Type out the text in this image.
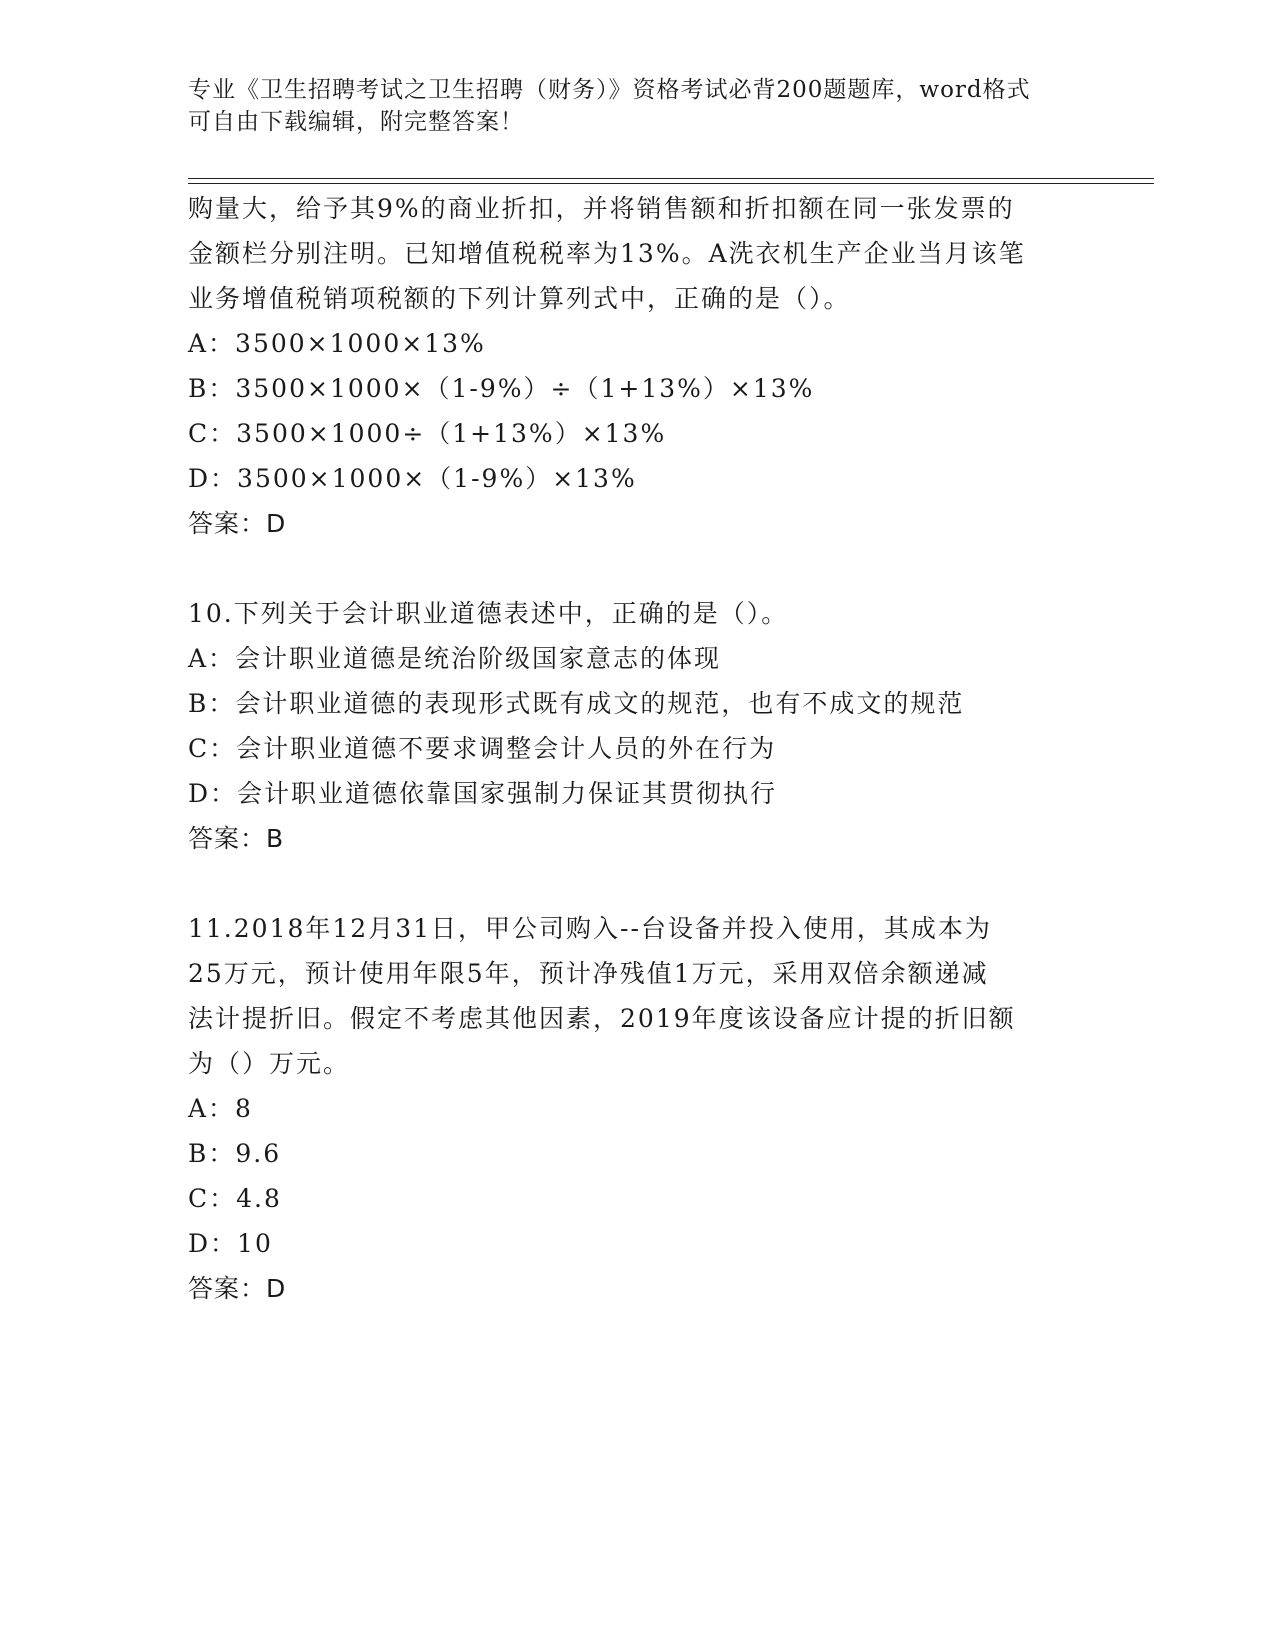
专业《卫生招聘考试之卫生招聘（财务）》资格考试必背200题题库，word格式
可自由下载编辑，附完整答案！
购量大，给予其9%的商业折扣，并将销售额和折扣额在同一张发票的
金额栏分别注明。已知增值税税率为13%。A洗衣机生产企业当月该笔
业务增值税销项税额的下列计算列式中，正确的是（）。
A：3500×1000×13%
B：3500×1000×（1-9%）÷（1+13%）×13%
C：3500×1000÷（1+13%）×13%
D：3500×1000×（1-9%）×13%
答案：D
10.下列关于会计职业道德表述中，正确的是（）。
A：会计职业道德是统治阶级国家意志的体现
B：会计职业道德的表现形式既有成文的规范，也有不成文的规范
C：会计职业道德不要求调整会计人员的外在行为
D：会计职业道德依靠国家强制力保证其贯彻执行
答案：B
11.2018年12月31日，甲公司购入--台设备并投入使用，其成本为
25万元，预计使用年限5年，预计净残值1万元，采用双倍余额递减
法计提折旧。假定不考虑其他因素，2019年度该设备应计提的折旧额
为（）万元。
A：8
B：9.6
C：4.8
D：10
答案：D
